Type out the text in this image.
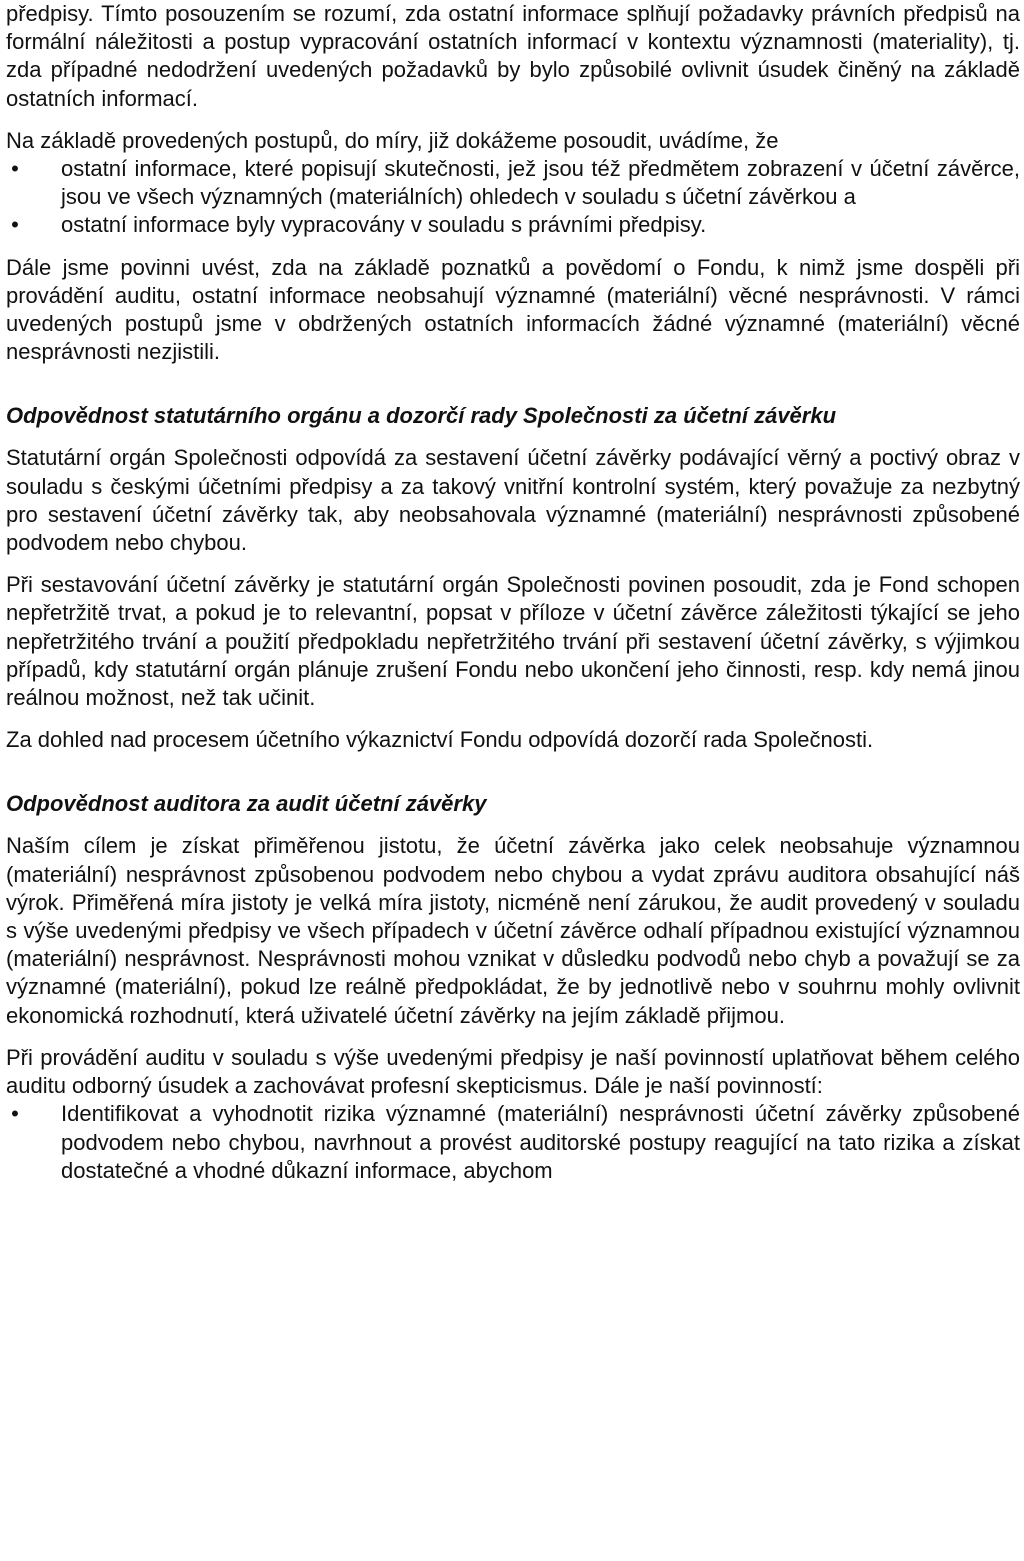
předpisy. Tímto posouzením se rozumí, zda ostatní informace splňují požadavky právních předpisů na formální náležitosti a postup vypracování ostatních informací v kontextu významnosti (materiality), tj. zda případné nedodržení uvedených požadavků by bylo způsobilé ovlivnit úsudek činěný na základě ostatních informací.

Na základě provedených postupů, do míry, již dokážeme posoudit, uvádíme, že

• ostatní informace, které popisují skutečnosti, jež jsou též předmětem zobrazení v účetní závěrce, jsou ve všech významných (materiálních) ohledech v souladu s účetní závěrkou a
• ostatní informace byly vypracovány v souladu s právními předpisy.

Dále jsme povinni uvést, zda na základě poznatků a povědomí o Fondu, k nimž jsme dospěli při provádění auditu, ostatní informace neobsahují významné (materiální) věcné nesprávnosti. V rámci uvedených postupů jsme v obdržených ostatních informacích žádné významné (materiální) věcné nesprávnosti nezjistili.

Odpovědnost statutárního orgánu a dozorčí rady Společnosti za účetní závěrku

Statutární orgán Společnosti odpovídá za sestavení účetní závěrky podávající věrný a poctivý obraz v souladu s českými účetními předpisy a za takový vnitřní kontrolní systém, který považuje za nezbytný pro sestavení účetní závěrky tak, aby neobsahovala významné (materiální) nesprávnosti způsobené podvodem nebo chybou.

Při sestavování účetní závěrky je statutární orgán Společnosti povinen posoudit, zda je Fond schopen nepřetržitě trvat, a pokud je to relevantní, popsat v příloze v účetní závěrce záležitosti týkající se jeho nepřetržitého trvání a použití předpokladu nepřetržitého trvání při sestavení účetní závěrky, s výjimkou případů, kdy statutární orgán plánuje zrušení Fondu nebo ukončení jeho činnosti, resp. kdy nemá jinou reálnou možnost, než tak učinit.

Za dohled nad procesem účetního výkaznictví Fondu odpovídá dozorčí rada Společnosti.

Odpovědnost auditora za audit účetní závěrky

Naším cílem je získat přiměřenou jistotu, že účetní závěrka jako celek neobsahuje významnou (materiální) nesprávnost způsobenou podvodem nebo chybou a vydat zprávu auditora obsahující náš výrok. Přiměřená míra jistoty je velká míra jistoty, nicméně není zárukou, že audit provedený v souladu s výše uvedenými předpisy ve všech případech v účetní závěrce odhalí případnou existující významnou (materiální) nesprávnost. Nesprávnosti mohou vznikat v důsledku podvodů nebo chyb a považují se za významné (materiální), pokud lze reálně předpokládat, že by jednotlivě nebo v souhrnu mohly ovlivnit ekonomická rozhodnutí, která uživatelé účetní závěrky na jejím základě přijmou.

Při provádění auditu v souladu s výše uvedenými předpisy je naší povinností uplatňovat během celého auditu odborný úsudek a zachovávat profesní skepticismus. Dále je naší povinností:

• Identifikovat a vyhodnotit rizika významné (materiální) nesprávnosti účetní závěrky způsobené podvodem nebo chybou, navrhnout a provést auditorské postupy reagující na tato rizika a získat dostatečné a vhodné důkazní informace, abychom
